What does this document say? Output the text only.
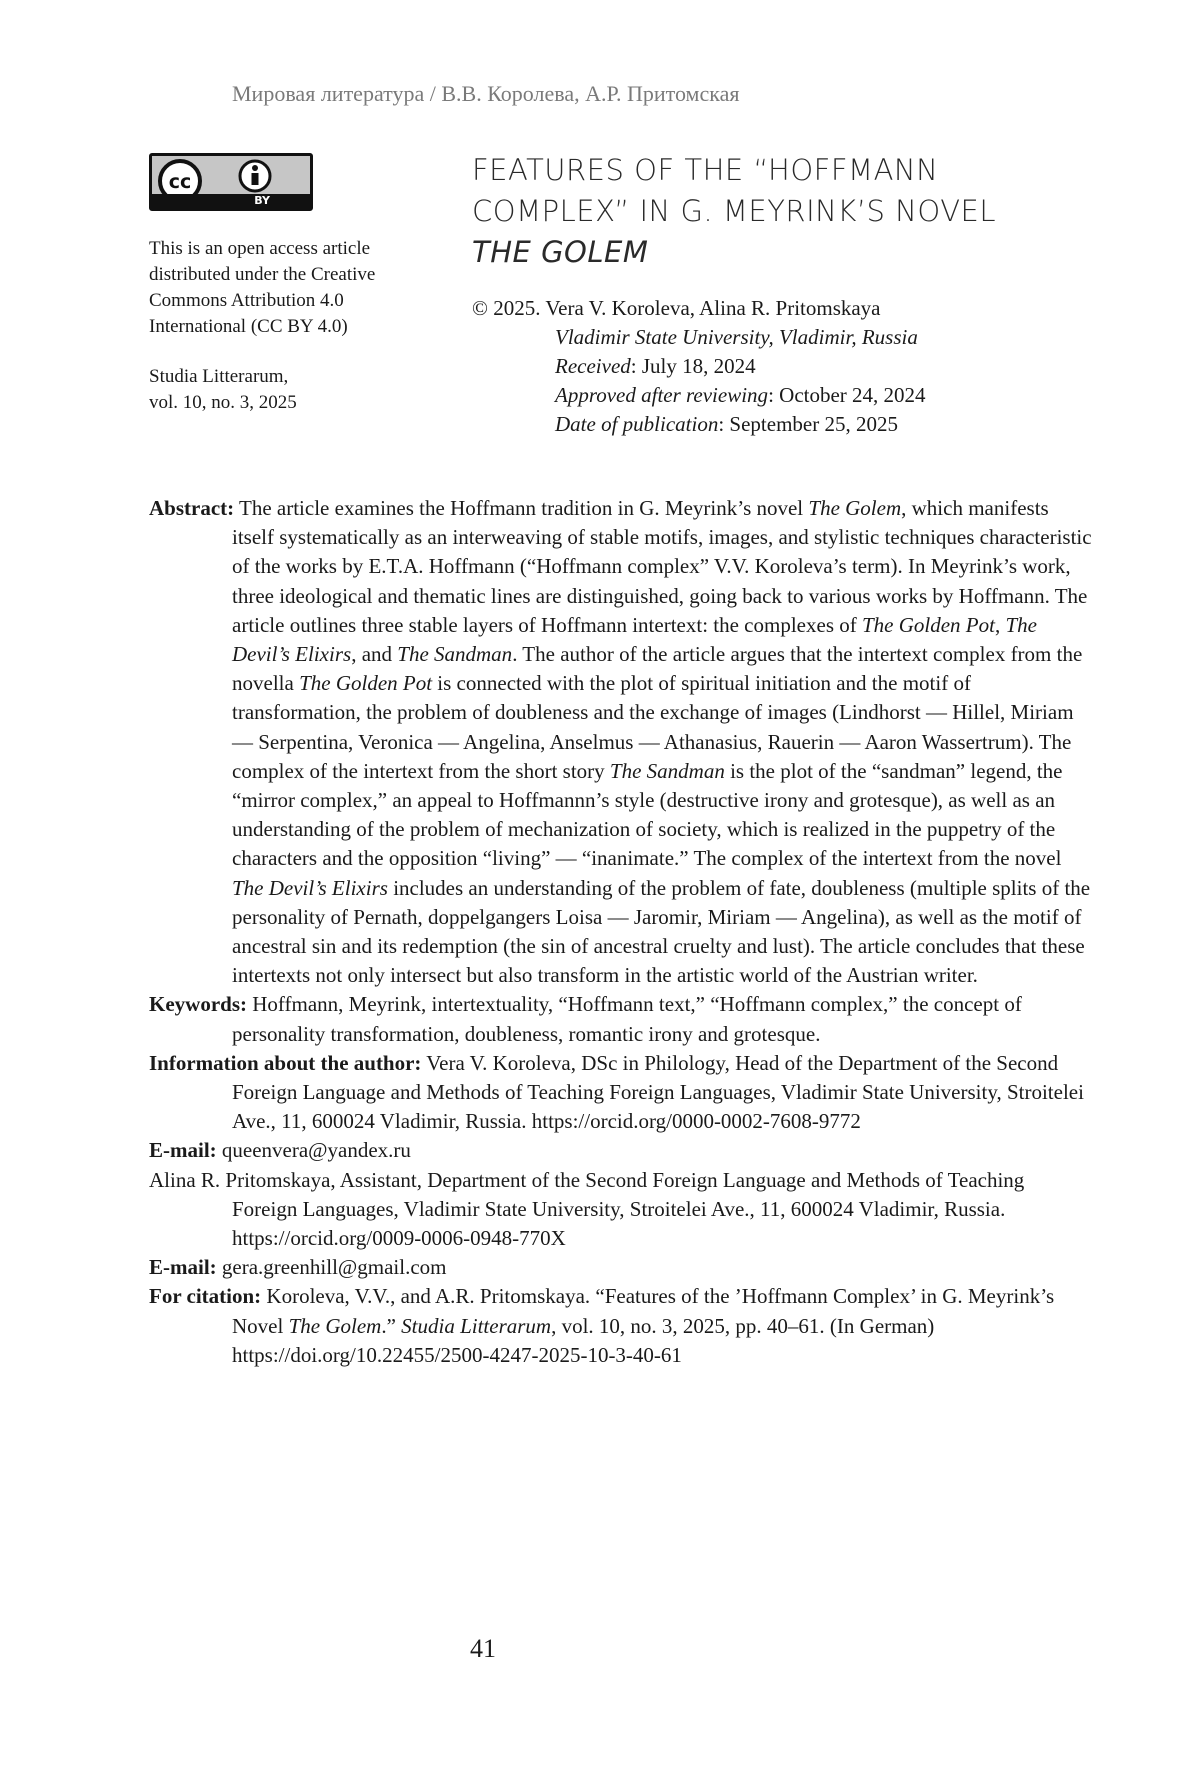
Мировая литература / В.В. Королева, А.Р. Притомская
cc
BY
This is an open access article
distributed under the Creative
Commons Attribution 4.0
International (CC BY 4.0)
Studia Litterarum,
vol. 10, no. 3, 2025
FEATURES OF THE “HOFFMANN
COMPLEX” IN G. MEYRINK’S NOVEL
THE GOLEM
© 2025. Vera V. Koroleva, Alina R. Pritomskaya
Vladimir State University, Vladimir, Russia
Received: July 18, 2024
Approved after reviewing: October 24, 2024
Date of publication: September 25, 2025
Abstract: The article examines the Hoffmann tradition in G. Meyrink’s novel The Golem, which manifests itself systematically as an interweaving of stable motifs, images, and stylistic techniques characteristic of the works by E.T.A. Hoffmann (“Hoffmann complex” V.V. Koroleva’s term). In Meyrink’s work, three ideological and thematic lines are distinguished, going back to various works by Hoffmann. The article outlines three stable layers of Hoffmann intertext: the complexes of The Golden Pot, The Devil’s Elixirs, and The Sandman. The author of the article argues that the intertext complex from the novella The Golden Pot is connected with the plot of spiritual initiation and the motif of transformation, the problem of doubleness and the exchange of images (Lindhorst — Hillel, Miriam — Serpentina, Veronica — Angelina, Anselmus — Athanasius, Rauerin — Aaron Wassertrum). The complex of the intertext from the short story The Sandman is the plot of the “sandman” legend, the “mirror complex,” an appeal to Hoffmannn’s style (destructive irony and grotesque), as well as an understanding of the problem of mechanization of society, which is realized in the puppetry of the characters and the opposition “living” — “inanimate.” The complex of the intertext from the novel The Devil’s Elixirs includes an understanding of the problem of fate, doubleness (multiple splits of the personality of Pernath, doppelgangers Loisa — Jaromir, Miriam — Angelina), as well as the motif of ancestral sin and its redemption (the sin of ancestral cruelty and lust). The article concludes that these intertexts not only intersect but also transform in the artistic world of the Austrian writer.
Keywords: Hoffmann, Meyrink, intertextuality, “Hoffmann text,” “Hoffmann complex,” the concept of personality transformation, doubleness, romantic irony and grotesque.
Information about the author: Vera V. Koroleva, DSc in Philology, Head of the Department of the Second Foreign Language and Methods of Teaching Foreign Languages, Vladimir State University, Stroitelei Ave., 11, 600024 Vladimir, Russia. https://orcid.org/0000-0002-7608-9772
E-mail: queenvera@yandex.ru
Alina R. Pritomskaya, Assistant, Department of the Second Foreign Language and Methods of Teaching Foreign Languages, Vladimir State University, Stroitelei Ave., 11, 600024 Vladimir, Russia. https://orcid.org/0009-0006-0948-770X
E-mail: gera.greenhill@gmail.com
For citation: Koroleva, V.V., and A.R. Pritomskaya. “Features of the ’Hoffmann Complex’ in G. Meyrink’s Novel The Golem.” Studia Litterarum, vol. 10, no. 3, 2025, pp. 40–61. (In German) https://doi.org/10.22455/2500-4247-2025-10-3-40-61
41
